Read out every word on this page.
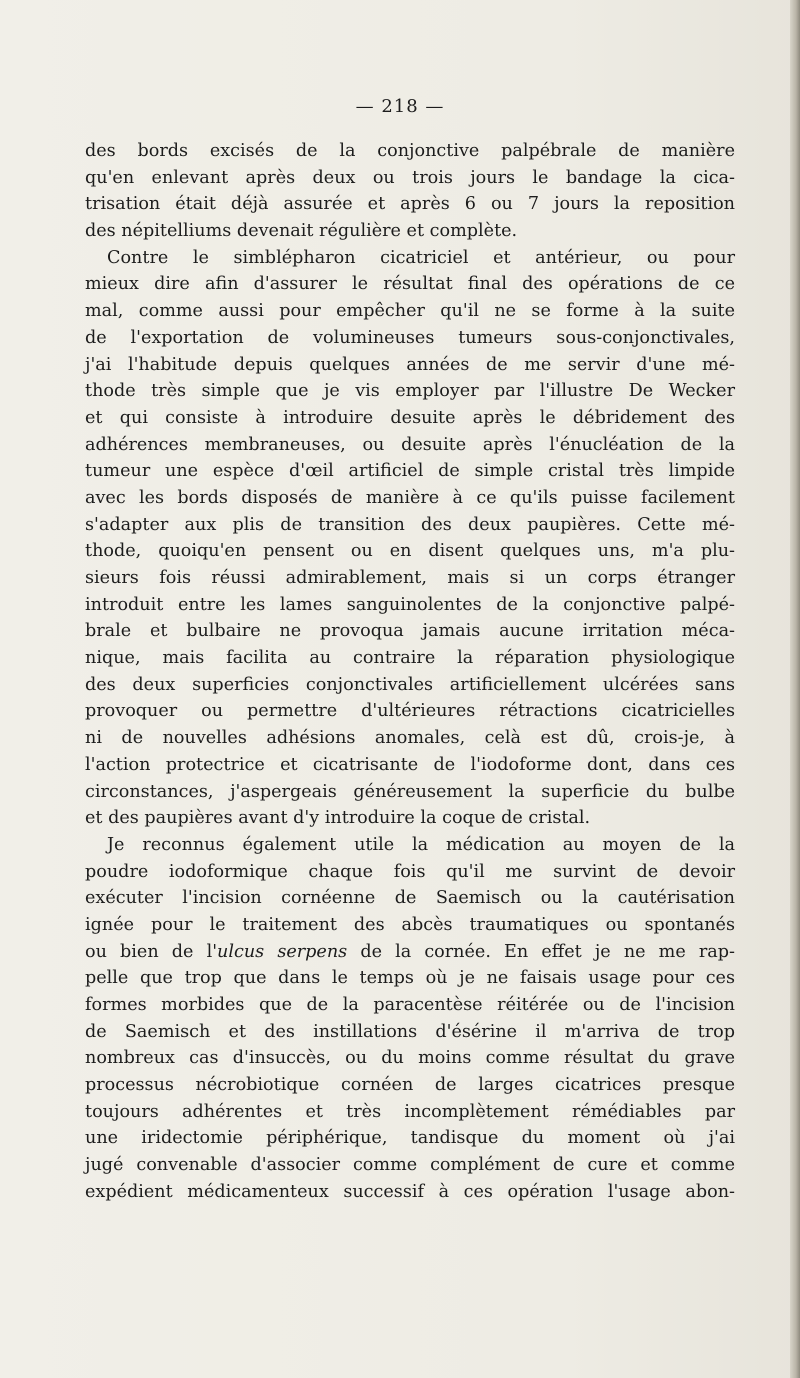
— 218 —
des bords excisés de la conjonctive palpébrale de manière
qu'en enlevant après deux ou trois jours le bandage la cica-
trisation était déjà assurée et après 6 ou 7 jours la reposition
des népitelliums devenait régulière et complète.
Contre le simblépharon cicatriciel et antérieur, ou pour
mieux dire afin d'assurer le résultat final des opérations de ce
mal, comme aussi pour empêcher qu'il ne se forme à la suite
de l'exportation de volumineuses tumeurs sous-conjonctivales,
j'ai l'habitude depuis quelques années de me servir d'une mé-
thode très simple que je vis employer par l'illustre De Wecker
et qui consiste à introduire desuite après le débridement des
adhérences membraneuses, ou desuite après l'énucléation de la
tumeur une espèce d'œil artificiel de simple cristal très limpide
avec les bords disposés de manière à ce qu'ils puisse facilement
s'adapter aux plis de transition des deux paupières. Cette mé-
thode, quoiqu'en pensent ou en disent quelques uns, m'a plu-
sieurs fois réussi admirablement, mais si un corps étranger
introduit entre les lames sanguinolentes de la conjonctive palpé-
brale et bulbaire ne provoqua jamais aucune irritation méca-
nique, mais facilita au contraire la réparation physiologique
des deux superficies conjonctivales artificiellement ulcérées sans
provoquer ou permettre d'ultérieures rétractions cicatricielles
ni de nouvelles adhésions anomales, celà est dû, crois-je, à
l'action protectrice et cicatrisante de l'iodoforme dont, dans ces
circonstances, j'aspergeais généreusement la superficie du bulbe
et des paupières avant d'y introduire la coque de cristal.
Je reconnus également utile la médication au moyen de la
poudre iodoformique chaque fois qu'il me survint de devoir
exécuter l'incision cornéenne de Saemisch ou la cautérisation
ignée pour le traitement des abcès traumatiques ou spontanés
ou bien de l'ulcus serpens de la cornée. En effet je ne me rap-
pelle que trop que dans le temps où je ne faisais usage pour ces
formes morbides que de la paracentèse réitérée ou de l'incision
de Saemisch et des instillations d'ésérine il m'arriva de trop
nombreux cas d'insuccès, ou du moins comme résultat du grave
processus nécrobiotique cornéen de larges cicatrices presque
toujours adhérentes et très incomplètement rémédiables par
une iridectomie périphérique, tandisque du moment où j'ai
jugé convenable d'associer comme complément de cure et comme
expédient médicamenteux successif à ces opération l'usage abon-
